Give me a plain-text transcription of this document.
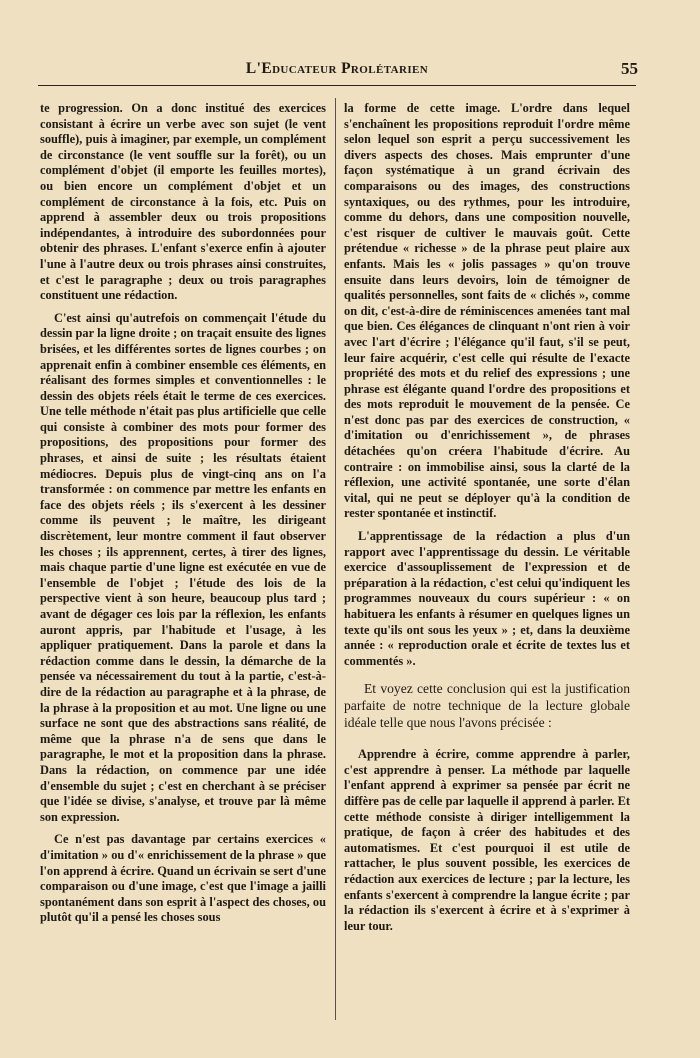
L'Educateur Prolétarien	55

te progression. On a donc institué des exercices consistant à écrire un verbe avec son sujet (le vent souffle), puis à imaginer, par exemple, un complément de circonstance (le vent souffle sur la forêt), ou un complément d'objet (il emporte les feuilles mortes), ou bien encore un complément d'objet et un complément de circonstance à la fois, etc. Puis on apprend à assembler deux ou trois propositions indépendantes, à introduire des subordonnées pour obtenir des phrases. L'enfant s'exerce enfin à ajouter l'une à l'autre deux ou trois phrases ainsi construites, et c'est le paragraphe ; deux ou trois paragraphes constituent une rédaction.

C'est ainsi qu'autrefois on commençait l'étude du dessin par la ligne droite ; on traçait ensuite des lignes brisées, et les différentes sortes de lignes courbes ; on apprenait enfin à combiner ensemble ces éléments, en réalisant des formes simples et conventionnelles : le dessin des objets réels était le terme de ces exercices. Une telle méthode n'était pas plus artificielle que celle qui consiste à combiner des mots pour former des propositions, des propositions pour former des phrases, et ainsi de suite ; les résultats étaient médiocres. Depuis plus de vingt-cinq ans on l'a transformée : on commence par mettre les enfants en face des objets réels ; ils s'exercent à les dessiner comme ils peuvent ; le maître, les dirigeant discrètement, leur montre comment il faut observer les choses ; ils apprennent, certes, à tirer des lignes, mais chaque partie d'une ligne est exécutée en vue de l'ensemble de l'objet ; l'étude des lois de la perspective vient à son heure, beaucoup plus tard ; avant de dégager ces lois par la réflexion, les enfants auront appris, par l'habitude et l'usage, à les appliquer pratiquement. Dans la parole et dans la rédaction comme dans le dessin, la démarche de la pensée va nécessairement du tout à la partie, c'est-à-dire de la rédaction au paragraphe et à la phrase, de la phrase à la proposition et au mot. Une ligne ou une surface ne sont que des abstractions sans réalité, de même que la phrase n'a de sens que dans le paragraphe, le mot et la proposition dans la phrase. Dans la rédaction, on commence par une idée d'ensemble du sujet ; c'est en cherchant à se préciser que l'idée se divise, s'analyse, et trouve par là même son expression.

Ce n'est pas davantage par certains exercices « d'imitation » ou d'« enrichissement de la phrase » que l'on apprend à écrire. Quand un écrivain se sert d'une comparaison ou d'une image, c'est que l'image a jailli spontanément dans son esprit à l'aspect des choses, ou plutôt qu'il a pensé les choses sous

la forme de cette image. L'ordre dans lequel s'enchaînent les propositions reproduit l'ordre même selon lequel son esprit a perçu successivement les divers aspects des choses. Mais emprunter d'une façon systématique à un grand écrivain des comparaisons ou des images, des constructions syntaxiques, ou des rythmes, pour les introduire, comme du dehors, dans une composition nouvelle, c'est risquer de cultiver le mauvais goût. Cette prétendue « richesse » de la phrase peut plaire aux enfants. Mais les « jolis passages » qu'on trouve ensuite dans leurs devoirs, loin de témoigner de qualités personnelles, sont faits de « clichés », comme on dit, c'est-à-dire de réminiscences amenées tant mal que bien. Ces élégances de clinquant n'ont rien à voir avec l'art d'écrire ; l'élégance qu'il faut, s'il se peut, leur faire acquérir, c'est celle qui résulte de l'exacte propriété des mots et du relief des expressions ; une phrase est élégante quand l'ordre des propositions et des mots reproduit le mouvement de la pensée. Ce n'est donc pas par des exercices de construction, « d'imitation ou d'enrichissement », de phrases détachées qu'on créera l'habitude d'écrire. Au contraire : on immobilise ainsi, sous la clarté de la réflexion, une activité spontanée, une sorte d'élan vital, qui ne peut se déployer qu'à la condition de rester spontanée et instinctif.

L'apprentissage de la rédaction a plus d'un rapport avec l'apprentissage du dessin. Le véritable exercice d'assouplissement de l'expression et de préparation à la rédaction, c'est celui qu'indiquent les programmes nouveaux du cours supérieur : « on habituera les enfants à résumer en quelques lignes un texte qu'ils ont sous les yeux » ; et, dans la deuxième année : « reproduction orale et écrite de textes lus et commentés ».

Et voyez cette conclusion qui est la justification parfaite de notre technique de la lecture globale idéale telle que nous l'avons précisée :

Apprendre à écrire, comme apprendre à parler, c'est apprendre à penser. La méthode par laquelle l'enfant apprend à exprimer sa pensée par écrit ne diffère pas de celle par laquelle il apprend à parler. Et cette méthode consiste à diriger intelligemment la pratique, de façon à créer des habitudes et des automatismes. Et c'est pourquoi il est utile de rattacher, le plus souvent possible, les exercices de rédaction aux exercices de lecture ; par la lecture, les enfants s'exercent à comprendre la langue écrite ; par la rédaction ils s'exercent à écrire et à s'exprimer à leur tour.
